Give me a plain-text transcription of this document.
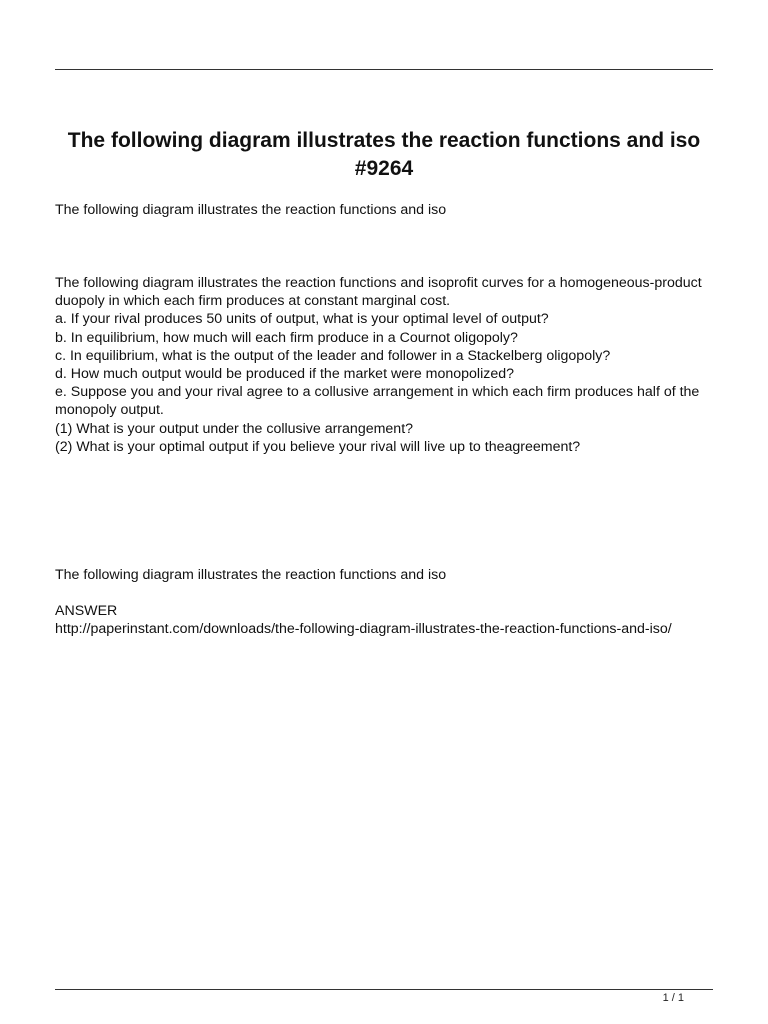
The following diagram illustrates the reaction functions and iso #9264
The following diagram illustrates the reaction functions and iso

The following diagram illustrates the reaction functions and isoprofit curves for a homogeneous-product duopoly in which each firm produces at constant marginal cost.

a. If your rival produces 50 units of output, what is your optimal level of output?

b. In equilibrium, how much will each firm produce in a Cournot oligopoly?

c. In equilibrium, what is the output of the leader and follower in a Stackelberg oligopoly?

d. How much output would be produced if the market were monopolized?

e. Suppose you and your rival agree to a collusive arrangement in which each firm produces half of the monopoly output.

(1) What is your output under the collusive arrangement?

(2) What is your optimal output if you believe your rival will live up to theagreement?

The following diagram illustrates the reaction functions and iso
ANSWER
http://paperinstant.com/downloads/the-following-diagram-illustrates-the-reaction-functions-and-iso/
1 / 1
